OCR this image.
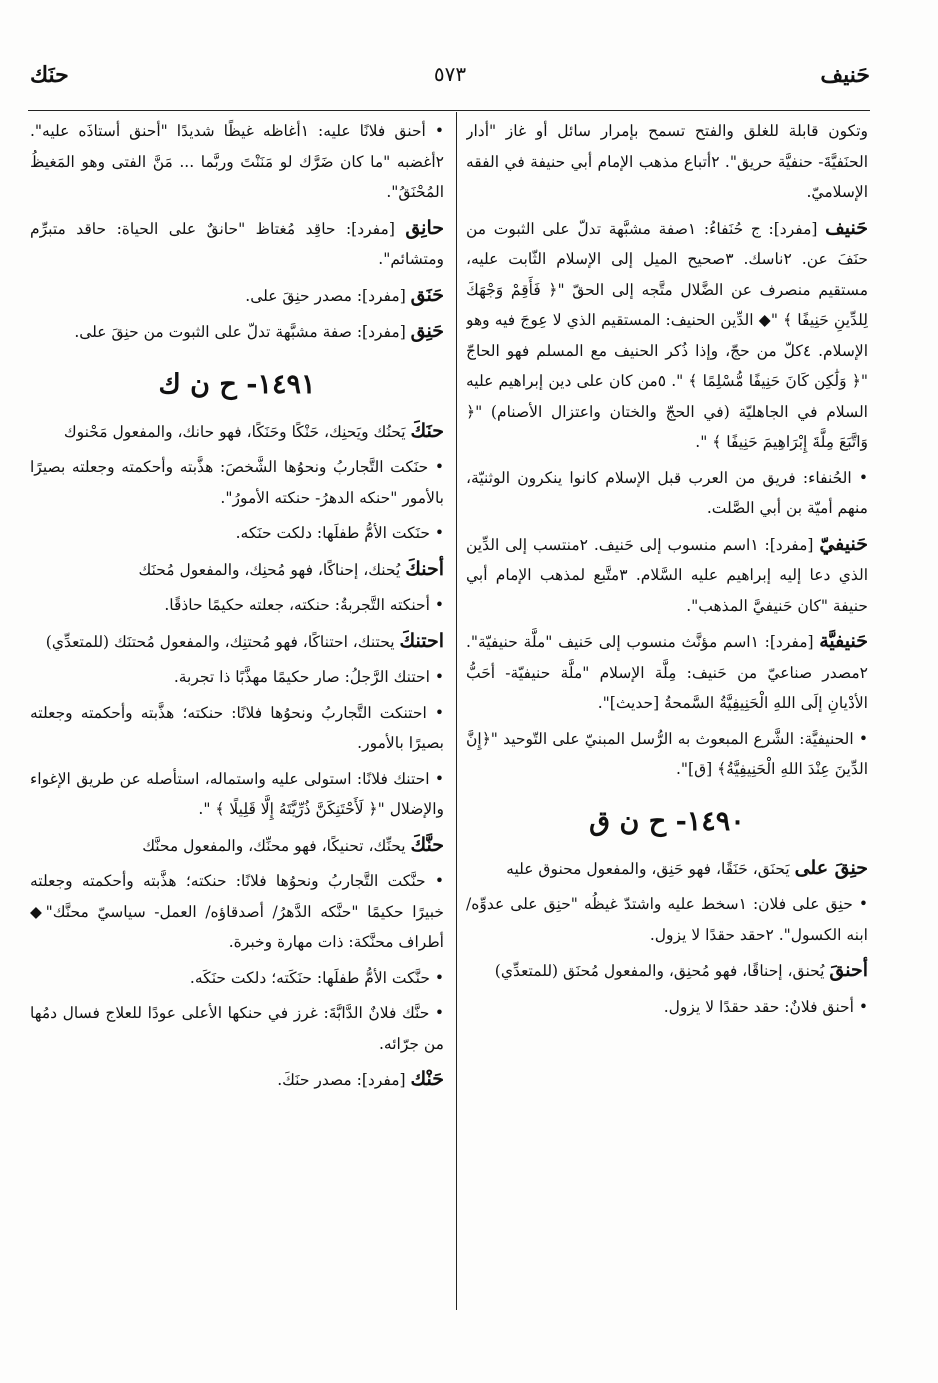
حَنيف
٥٧٣
حنَك

وتكون قابلة للغلق والفتح تسمح بإمرار سائل أو غاز "أدار الحنَفيَّةَ- حنفيَّة حريق". ٢أتباع مذهب الإمام أبي حنيفة في الفقه الإسلاميّ.

حَنيف [مفرد]: ج حُنَفاءُ: ١صفة مشبَّهة تدلّ على الثبوت من حنَفَ عن. ٢ناسك. ٣صحيح الميل إلى الإسلام الثّابت عليه، مستقيم منصرف عن الضَّلال متَّجه إلى الحقّ "﴿ فَأَقِمْ وَجْهَكَ لِلدِّينِ حَنِيفًا ﴾ "◆ الدِّين الحنيف: المستقيم الذي لا عِوجَ فيه وهو الإسلام. ٤كلّ من حجّ، وإذا ذُكر الحنيف مع المسلم فهو الحاجّ "﴿ وَلَٰكِن كَانَ حَنِيفًا مُّسْلِمًا ﴾ ". ٥من كان على دين إبراهيم عليه السلام في الجاهليّة (في الحجّ والختان واعتزال الأصنام) "﴿ وَاتَّبَعَ مِلَّةَ إِبْرَاهِيمَ حَنِيفًا ﴾ ".

• الحُنفاء: فريق من العرب قبل الإسلام كانوا ينكرون الوثنيّة، منهم أميّة بن أبي الصَّلت.

حَنيفيّ [مفرد]: ١اسم منسوب إلى حَنيف. ٢منتسب إلى الدِّين الذي دعا إليه إبراهيم عليه السَّلام. ٣متَّبع لمذهب الإمام أبي حنيفة "كان حَنيفيَّ المذهب".

حَنيفيَّة [مفرد]: ١اسم مؤنَّث منسوب إلى حَنيف "ملَّة حنيفيّة". ٢مصدر صناعيّ من حَنيف: مِلَّة الإسلام "ملَّة حنيفيّة- أحَبُّ الأدْيانِ إلَى اللهِ الْحَنِيفِيَّةُ السَّمحةُ [حديث]".

• الحنيفيَّة: الشَّرع المبعوث به الرُّسل المبنيّ على التّوحيد "﴿إِنَّ الدِّينَ عِنْدَ اللهِ الْحَنِيفِيَّةُ﴾ [ق]".

١٤٩٠- ح ن ق

حنِقَ على يَحنَق، حَنَقًا، فهو حَنِق، والمفعول محنوق عليه

• حنِق على فلان: ١سخط عليه واشتدّ غيظُه "حنِق على عدوِّه/ ابنه الكسول". ٢حقد حقدًا لا يزول.

أحنقَ يُحنق، إحناقًا، فهو مُحنِق، والمفعول مُحنَق (للمتعدِّي)

• أحنق فلانٌ: حقد حقدًا لا يزول.

• أحنق فلانًا عليه: ١أغاظه غيظًا شديدًا "أحنق أستاذَه عليه". ٢أغضبه "ما كان ضَرَّك لو مَنَنْتَ وربَّما ... مَنَّ الفتى وهو المَغيظُ المُحْنَقُ".

حانِق [مفرد]: حاقِد مُغتاظ "حانقٌ على الحياة: حاقد متبرِّم ومتشائم".

حَنَق [مفرد]: مصدر حنِقَ على.

حَنِق [مفرد]: صفة مشبَّهة تدلّ على الثبوت من حنِقَ على.

١٤٩١- ح ن ك

حنَكَ يَحنُك ويَحنِك، حَنْكًا وحَنَكًا، فهو حانك، والمفعول مَحْنوك

• حنَكت التَّجاربُ ونحوُها الشَّخصَ: هذَّبته وأحكمته وجعلته بصيرًا بالأمور "حنكه الدهرُ- حنكته الأمورُ".

• حنَكت الأمُّ طفلَها: دلكت حنَكه.

أحنكَ يُحنك، إحناكًا، فهو مُحنِك، والمفعول مُحنَك

• أحنكته التَّجربةُ: حنكته، جعلته حكيمًا حاذقًا.

احتنكَ يحتنك، احتناكًا، فهو مُحتنِك، والمفعول مُحتنَك (للمتعدِّي)

• احتنك الرَّجلُ: صار حكيمًا مهذَّبًا ذا تجربة.

• احتنكت التَّجاربُ ونحوُها فلانًا: حنكته؛ هذَّبته وأحكمته وجعلته بصيرًا بالأمور.

• احتنك فلانًا: استولى عليه واستماله، استأصله عن طريق الإغواء والإضلال "﴿ لَأَحْتَنِكَنَّ ذُرِّيَّتَهُ إِلَّا قَلِيلًا ﴾ ".

حنَّكَ يحنِّك، تحنيكًا، فهو محنِّك، والمفعول محنَّك

• حنَّكت التَّجاربُ ونحوُها فلانًا: حنكته؛ هذَّبته وأحكمته وجعلته خبيرًا حكيمًا "حنَّكه الدَّهرُ/ أصدقاؤه/ العمل- سياسيّ محنَّك"◆ أطراف محنَّكة: ذات مهارة وخبرة.

• حنَّكت الأمُّ طفلَها: حنَكَته؛ دلكت حنَكَه.

• حنَّك فلانٌ الدَّابَّةَ: غرز في حنكها الأعلى عودًا للعلاج فسال دمُها من جرّائه.

حَنْك [مفرد]: مصدر حنَكَ.
